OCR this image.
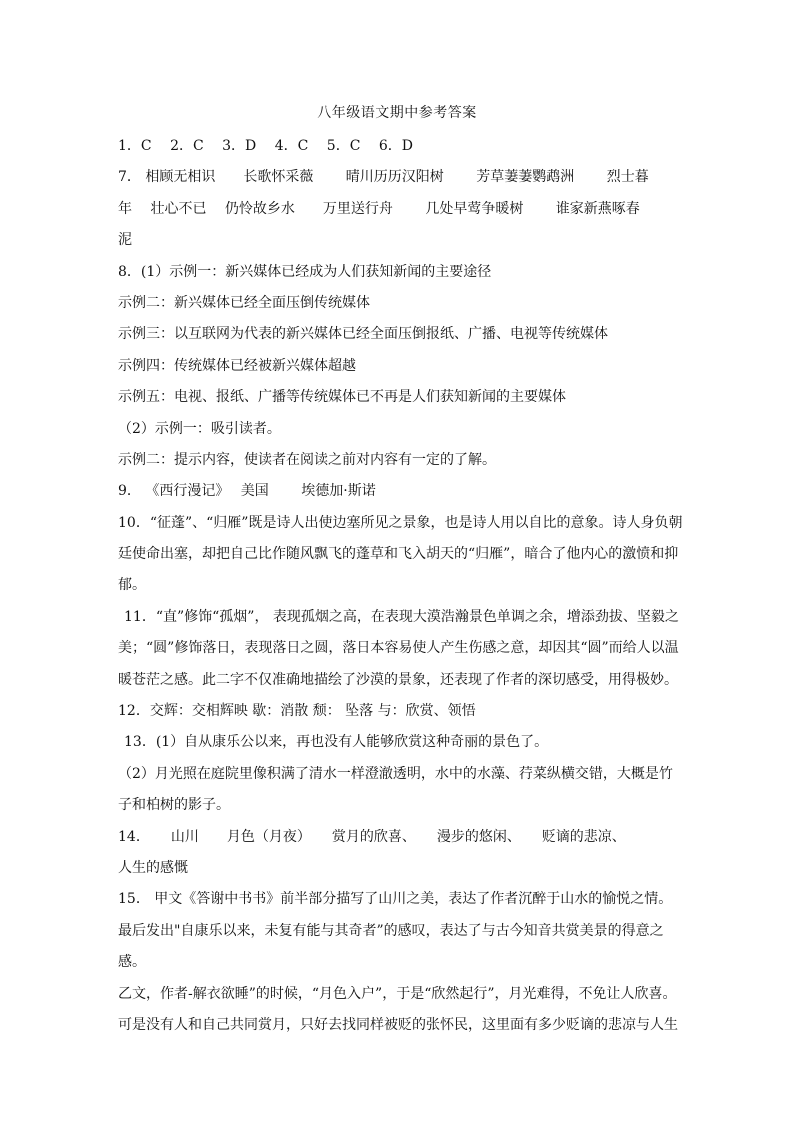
八年级语文期中参考答案
1．C　 2．C　 3．D　 4．C　 5．C　 6．D
7． 相顾无相识　　长歌怀采薇　　 晴川历历汉阳树　　 芳草萋萋鹦鹉洲　　 烈士暮
年　 壮心不已　 仍怜故乡水　　万里送行舟　　 几处早莺争暖树　　 谁家新燕啄春
泥
8．(1）示例一：新兴媒体已经成为人们获知新闻的主要途径
示例二：新兴媒体已经全面压倒传统媒体
示例三：以互联网为代表的新兴媒体已经全面压倒报纸、广播、电视等传统媒体
示例四：传统媒体已经被新兴媒体超越
示例五：电视、报纸、广播等传统媒体已不再是人们获知新闻的主要媒体
（2）示例一：吸引读者。
示例二：提示内容，使读者在阅读之前对内容有一定的了解。
9． 《西行漫记》　 美国　　 埃德加·斯诺
10．“征蓬”、“归雁”既是诗人出使边塞所见之景象，也是诗人用以自比的意象。诗人身负朝
廷使命出塞，却把自己比作随风飘飞的蓬草和飞入胡天的“归雁”，暗合了他内心的激愤和抑
郁。
11．“直”修饰“孤烟”， 表现孤烟之高，在表现大漠浩瀚景色单调之余，增添劲拔、坚毅之
美；“圆”修饰落日，表现落日之圆，落日本容易使人产生伤感之意，却因其“圆”而给人以温
暖苍茫之感。此二字不仅准确地描绘了沙漠的景象，还表现了作者的深切感受，用得极妙。
12．交辉：交相辉映 歇：消散 颓： 坠落 与：欣赏、领悟
13．(1）自从康乐公以来，再也没有人能够欣赏这种奇丽的景色了。
（2）月光照在庭院里像积满了清水一样澄澈透明，水中的水藻、荇菜纵横交错，大概是竹
子和柏树的影子。
14．　　山川　　月色（月夜）　　赏月的欣喜、　　漫步的悠闲、　　贬谪的悲凉、
人生的感慨
15． 甲文《答谢中书书》前半部分描写了山川之美，表达了作者沉醉于山水的愉悦之情。
最后发出"自康乐以来，未复有能与其奇者”的感叹，表达了与古今知音共赏美景的得意之
感。
乙文，作者-解衣欲睡”的时候，“月色入户”，于是“欣然起行”，月光难得，不免让人欣喜。
可是没有人和自己共同赏月，只好去找同样被贬的张怀民，这里面有多少贬谪的悲凉与人生
